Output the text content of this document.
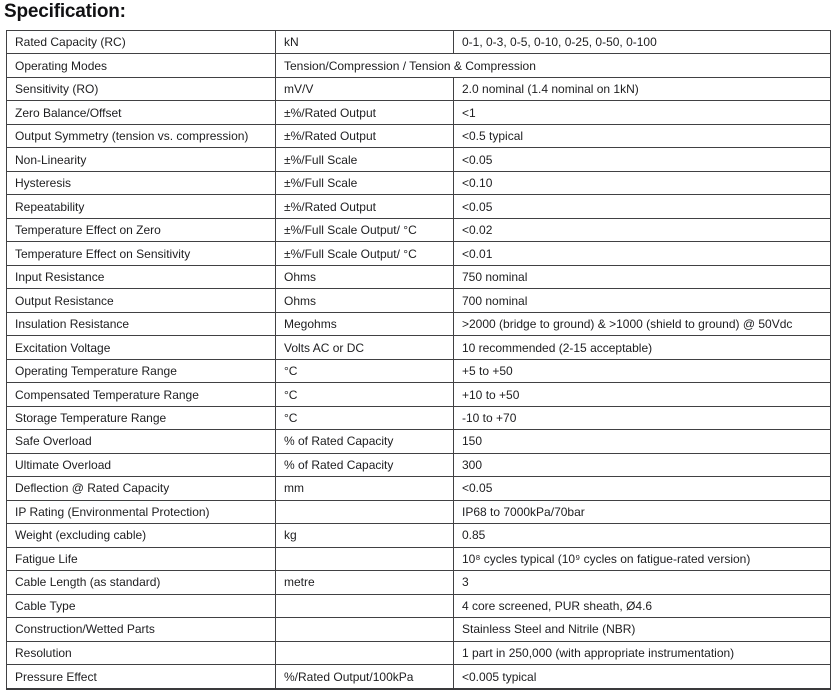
Specification:
Rated Capacity (RC)	kN	0-1, 0-3, 0-5, 0-10, 0-25, 0-50, 0-100
Operating Modes	Tension/Compression / Tension & Compression	
Sensitivity (RO)	mV/V	2.0 nominal (1.4 nominal on 1kN)
Zero Balance/Offset	±%/Rated Output	<1
Output Symmetry (tension vs. compression)	±%/Rated Output	<0.5 typical
Non-Linearity	±%/Full Scale	<0.05
Hysteresis	±%/Full Scale	<0.10
Repeatability	±%/Rated Output	<0.05
Temperature Effect on Zero	±%/Full Scale Output/ °C	<0.02
Temperature Effect on Sensitivity	±%/Full Scale Output/ °C	<0.01
Input Resistance	Ohms	750 nominal
Output Resistance	Ohms	700 nominal
Insulation Resistance	Megohms	>2000 (bridge to ground) & >1000 (shield to ground) @ 50Vdc
Excitation Voltage	Volts AC or DC	10 recommended (2-15 acceptable)
Operating Temperature Range	°C	+5 to +50
Compensated Temperature Range	°C	+10 to +50
Storage Temperature Range	°C	-10 to +70
Safe Overload	% of Rated Capacity	150
Ultimate Overload	% of Rated Capacity	300
Deflection @ Rated Capacity	mm	<0.05
IP Rating (Environmental Protection)		IP68 to 7000kPa/70bar
Weight (excluding cable)	kg	0.85
Fatigue Life		10⁸ cycles typical (10⁹ cycles on fatigue-rated version)
Cable Length (as standard)	metre	3
Cable Type		4 core screened, PUR sheath, Ø4.6
Construction/Wetted Parts		Stainless Steel and Nitrile (NBR)
Resolution		1 part in 250,000 (with appropriate instrumentation)
Pressure Effect	%/Rated Output/100kPa	<0.005 typical
